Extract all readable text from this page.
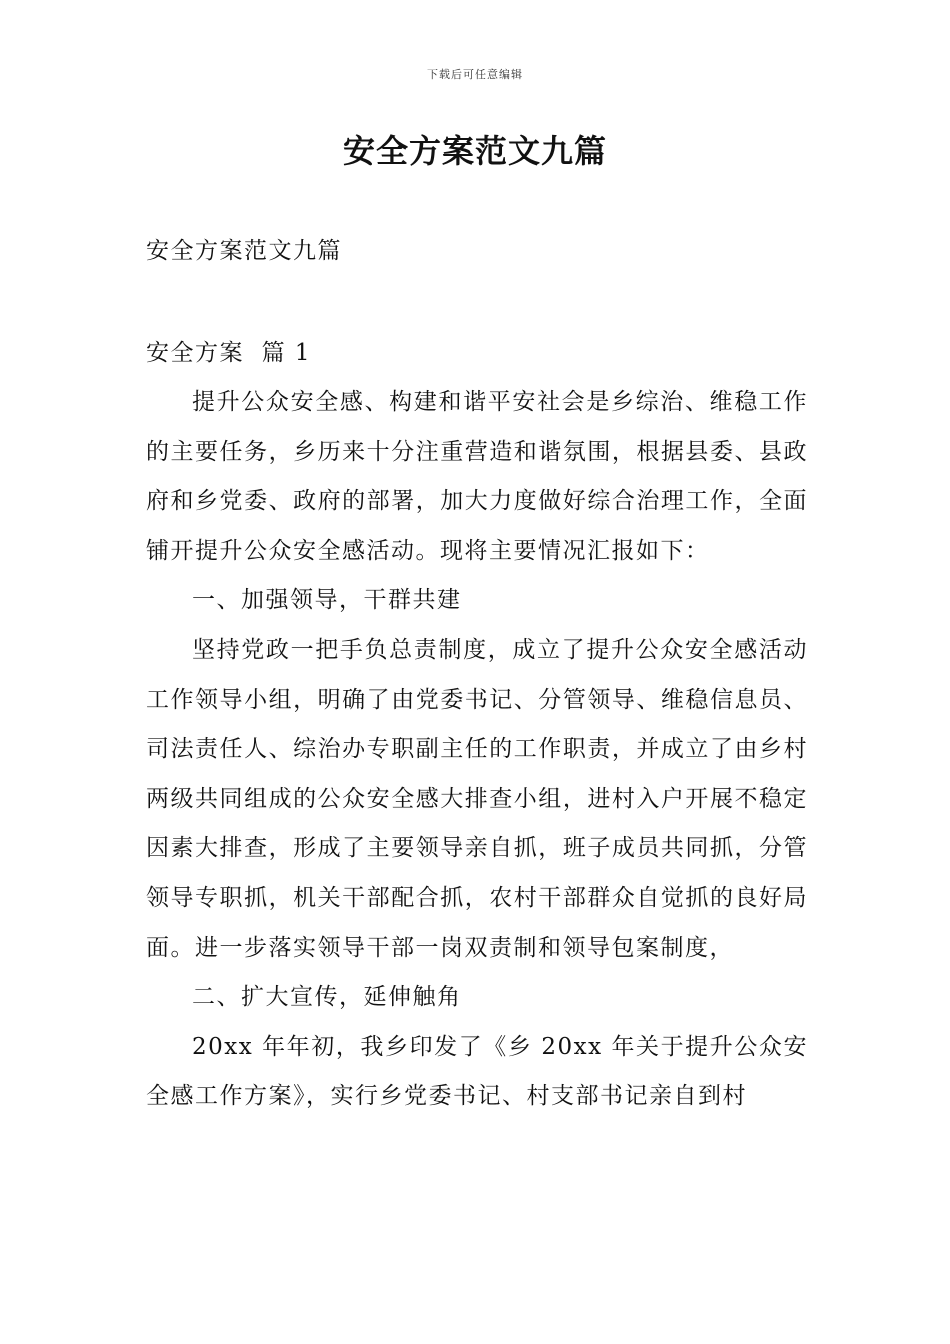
下载后可任意编辑
安全方案范文九篇
安全方案范文九篇
安全方案  篇 1

提升公众安全感、构建和谐平安社会是乡综治、维稳工作的主要任务，乡历来十分注重营造和谐氛围，根据县委、县政府和乡党委、政府的部署，加大力度做好综合治理工作，全面铺开提升公众安全感活动。现将主要情况汇报如下：

一、加强领导，干群共建

坚持党政一把手负总责制度，成立了提升公众安全感活动工作领导小组，明确了由党委书记、分管领导、维稳信息员、司法责任人、综治办专职副主任的工作职责，并成立了由乡村两级共同组成的公众安全感大排查小组，进村入户开展不稳定因素大排查，形成了主要领导亲自抓，班子成员共同抓，分管领导专职抓，机关干部配合抓，农村干部群众自觉抓的良好局面。进一步落实领导干部一岗双责制和领导包案制度，

二、扩大宣传，延伸触角

20xx 年年初，我乡印发了《乡 20xx 年关于提升公众安全感工作方案》，实行乡党委书记、村支部书记亲自到村
